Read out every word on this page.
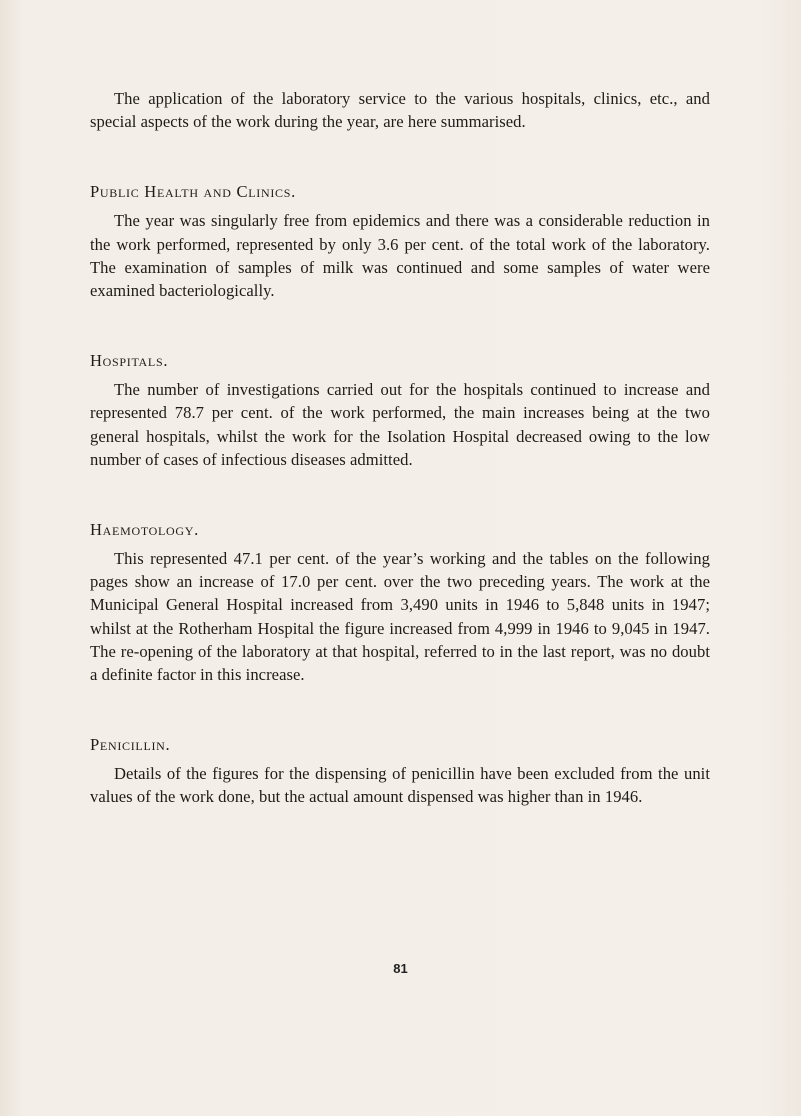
The application of the laboratory service to the various hospitals, clinics, etc., and special aspects of the work during the year, are here summarised.

Public Health and Clinics.

The year was singularly free from epidemics and there was a considerable reduction in the work performed, represented by only 3.6 per cent. of the total work of the laboratory. The examination of samples of milk was continued and some samples of water were examined bacteriologically.

Hospitals.

The number of investigations carried out for the hospitals continued to increase and represented 78.7 per cent. of the work performed, the main increases being at the two general hospitals, whilst the work for the Isolation Hospital decreased owing to the low number of cases of infectious diseases admitted.

Haemotology.

This represented 47.1 per cent. of the year’s working and the tables on the following pages show an increase of 17.0 per cent. over the two preceding years. The work at the Municipal General Hospital increased from 3,490 units in 1946 to 5,848 units in 1947; whilst at the Rotherham Hospital the figure increased from 4,999 in 1946 to 9,045 in 1947. The re-opening of the laboratory at that hospital, referred to in the last report, was no doubt a definite factor in this increase.

Penicillin.

Details of the figures for the dispensing of penicillin have been excluded from the unit values of the work done, but the actual amount dispensed was higher than in 1946.

81
